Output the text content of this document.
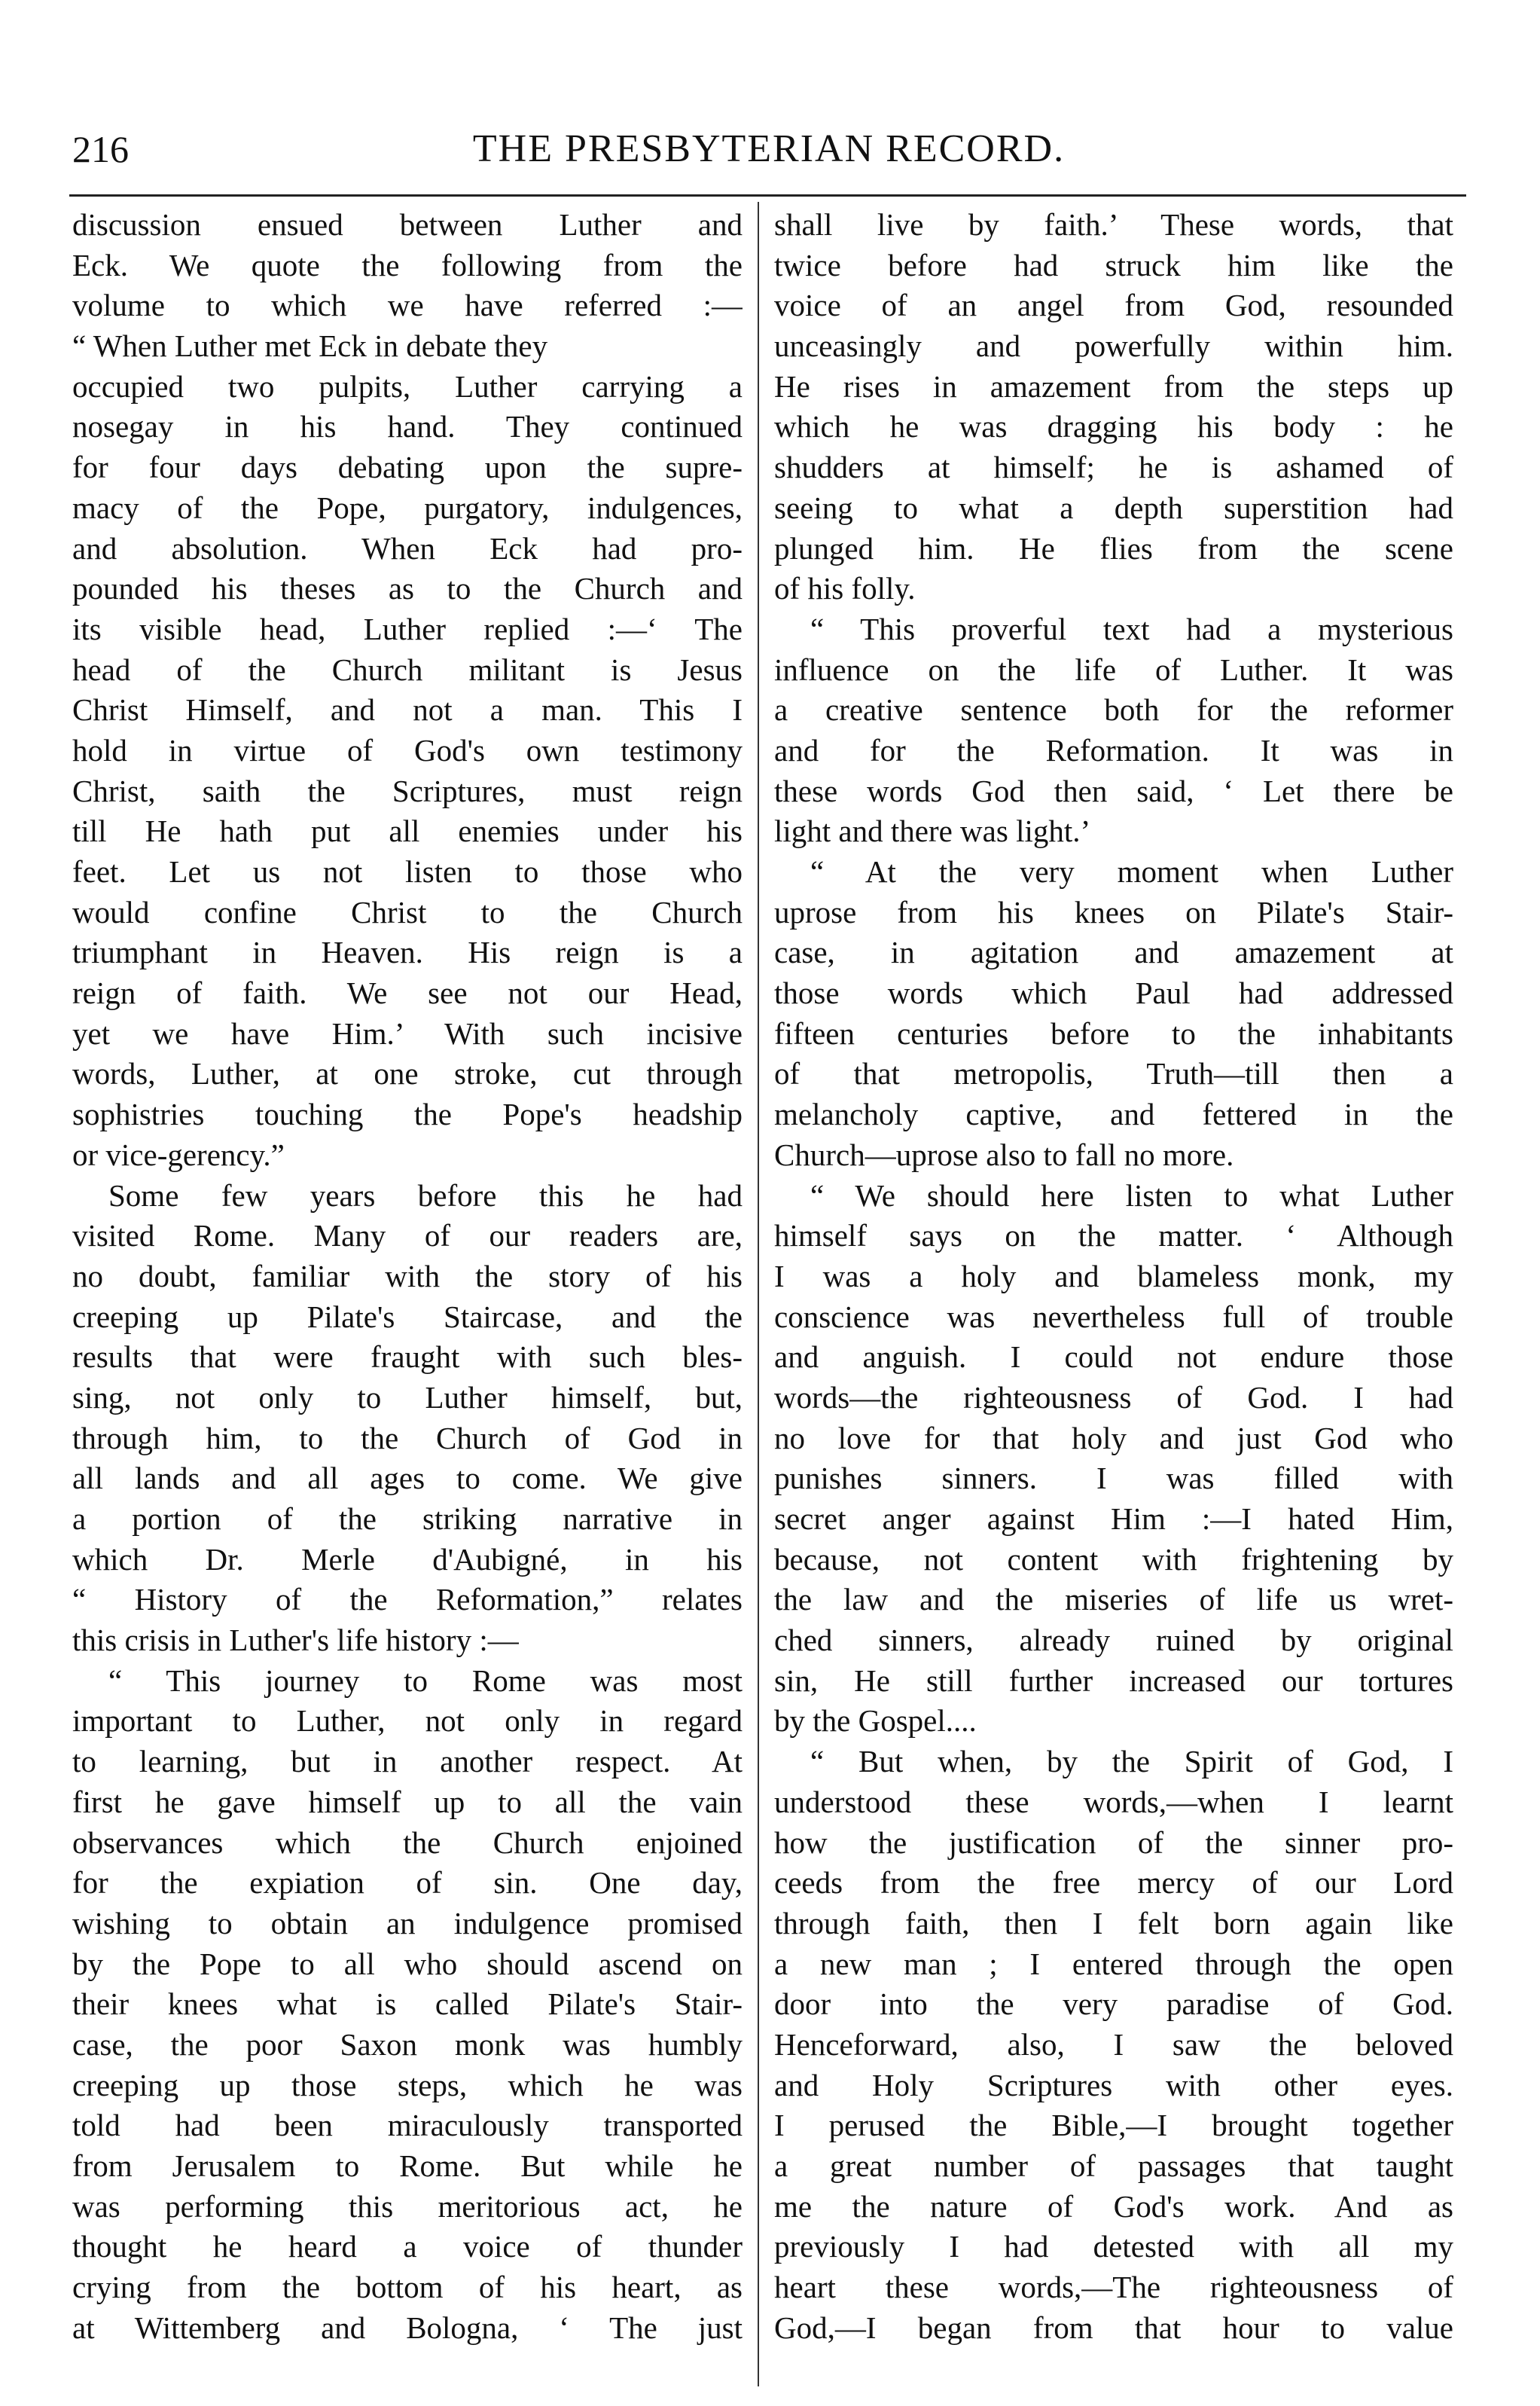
216	THE PRESBYTERIAN RECORD.
discussion ensued between Luther and
Eck. We quote the following from the
volume to which we have referred :—
“ When Luther met Eck in debate they
occupied two pulpits, Luther carrying a
nosegay in his hand. They continued
for four days debating upon the supre-
macy of the Pope, purgatory, indulgences,
and absolution. When Eck had pro-
pounded his theses as to the Church and
its visible head, Luther replied :—‘ The
head of the Church militant is Jesus
Christ Himself, and not a man. This I
hold in virtue of God's own testimony
Christ, saith the Scriptures, must reign
till He hath put all enemies under his
feet. Let us not listen to those who
would confine Christ to the Church
triumphant in Heaven. His reign is a
reign of faith. We see not our Head,
yet we have Him.’ With such incisive
words, Luther, at one stroke, cut through
sophistries touching the Pope's headship
or vice-gerency.”
Some few years before this he had
visited Rome. Many of our readers are,
no doubt, familiar with the story of his
creeping up Pilate's Staircase, and the
results that were fraught with such bles-
sing, not only to Luther himself, but,
through him, to the Church of God in
all lands and all ages to come. We give
a portion of the striking narrative in
which Dr. Merle d'Aubigné, in his
“ History of the Reformation,” relates
this crisis in Luther's life history :—
“ This journey to Rome was most
important to Luther, not only in regard
to learning, but in another respect. At
first he gave himself up to all the vain
observances which the Church enjoined
for the expiation of sin. One day,
wishing to obtain an indulgence promised
by the Pope to all who should ascend on
their knees what is called Pilate's Stair-
case, the poor Saxon monk was humbly
creeping up those steps, which he was
told had been miraculously transported
from Jerusalem to Rome. But while he
was performing this meritorious act, he
thought he heard a voice of thunder
crying from the bottom of his heart, as
at Wittemberg and Bologna, ‘ The just
shall live by faith.’ These words, that
twice before had struck him like the
voice of an angel from God, resounded
unceasingly and powerfully within him.
He rises in amazement from the steps up
which he was dragging his body : he
shudders at himself; he is ashamed of
seeing to what a depth superstition had
plunged him. He flies from the scene
of his folly.
“ This proverful text had a mysterious
influence on the life of Luther. It was
a creative sentence both for the reformer
and for the Reformation. It was in
these words God then said, ‘ Let there be
light and there was light.’
“ At the very moment when Luther
uprose from his knees on Pilate's Stair-
case, in agitation and amazement at
those words which Paul had addressed
fifteen centuries before to the inhabitants
of that metropolis, Truth—till then a
melancholy captive, and fettered in the
Church—uprose also to fall no more.
“ We should here listen to what Luther
himself says on the matter. ‘ Although
I was a holy and blameless monk, my
conscience was nevertheless full of trouble
and anguish. I could not endure those
words—the righteousness of God. I had
no love for that holy and just God who
punishes sinners. I was filled with
secret anger against Him :—I hated Him,
because, not content with frightening by
the law and the miseries of life us wret-
ched sinners, already ruined by original
sin, He still further increased our tortures
by the Gospel....
“ But when, by the Spirit of God, I
understood these words,—when I learnt
how the justification of the sinner pro-
ceeds from the free mercy of our Lord
through faith, then I felt born again like
a new man ; I entered through the open
door into the very paradise of God.
Henceforward, also, I saw the beloved
and Holy Scriptures with other eyes.
I perused the Bible,—I brought together
a great number of passages that taught
me the nature of God's work. And as
previously I had detested with all my
heart these words,—The righteousness of
God,—I began from that hour to value
